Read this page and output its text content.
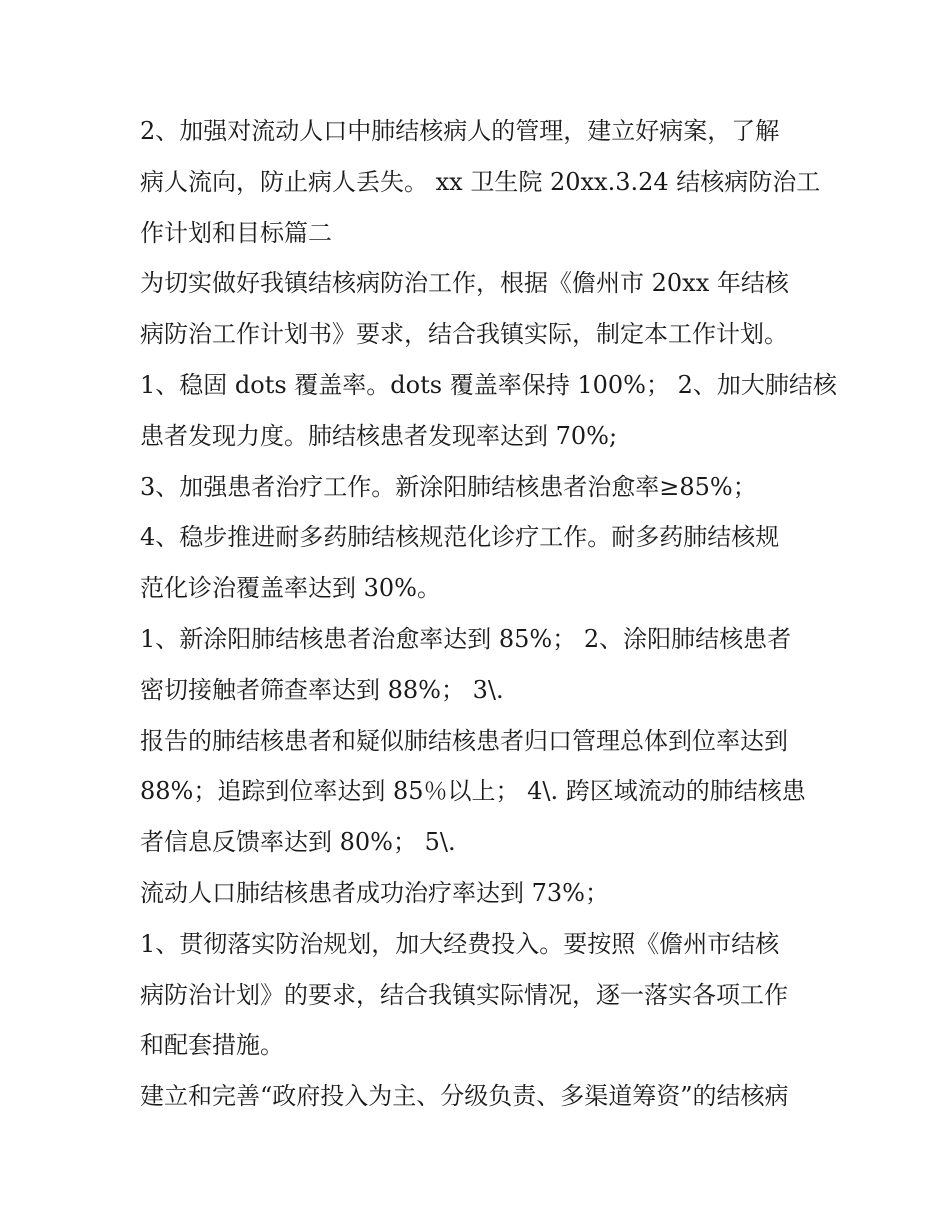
2、加强对流动人口中肺结核病人的管理，建立好病案，了解
病人流向，防止病人丢失。 xx 卫生院 20xx.3.24 结核病防治工
作计划和目标篇二
为切实做好我镇结核病防治工作，根据《儋州市 20xx 年结核
病防治工作计划书》要求，结合我镇实际，制定本工作计划。
1、稳固 dots 覆盖率。dots 覆盖率保持 100%； 2、加大肺结核
患者发现力度。肺结核患者发现率达到 70%;
3、加强患者治疗工作。新涂阳肺结核患者治愈率≥85%；
4、稳步推进耐多药肺结核规范化诊疗工作。耐多药肺结核规
范化诊治覆盖率达到 30%。
1、新涂阳肺结核患者治愈率达到 85%； 2、涂阳肺结核患者
密切接触者筛查率达到 88%； 3\.
报告的肺结核患者和疑似肺结核患者归口管理总体到位率达到
88%；追踪到位率达到 85％以上； 4\. 跨区域流动的肺结核患
者信息反馈率达到 80%； 5\.
流动人口肺结核患者成功治疗率达到 73%；
1、贯彻落实防治规划，加大经费投入。要按照《儋州市结核
病防治计划》的要求，结合我镇实际情况，逐一落实各项工作
和配套措施。
建立和完善“政府投入为主、分级负责、多渠道筹资”的结核病
